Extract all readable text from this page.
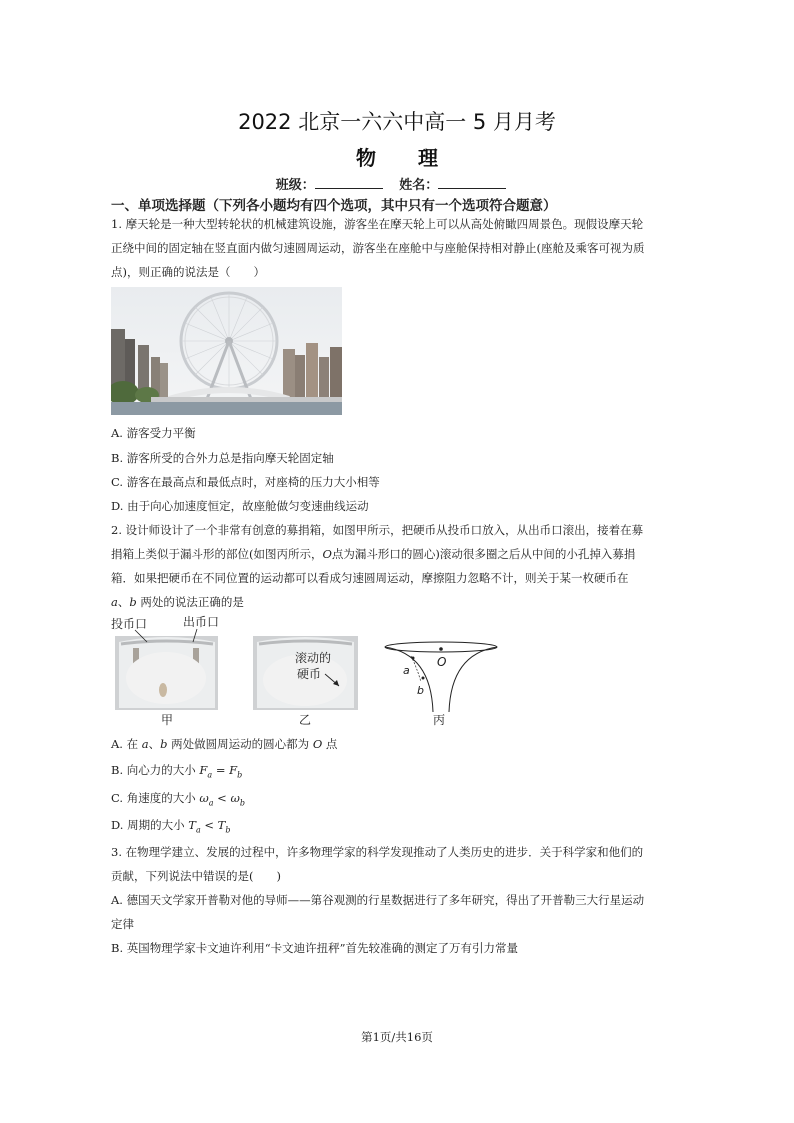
2022 北京一六六中高一 5 月月考
物 理
班级：	姓名：
一、单项选择题（下列各小题均有四个选项，其中只有一个选项符合题意）
1. 摩天轮是一种大型转轮状的机械建筑设施，游客坐在摩天轮上可以从高处俯瞰四周景色。现假设摩天轮
正绕中间的固定轴在竖直面内做匀速圆周运动，游客坐在座舱中与座舱保持相对静止(座舱及乘客可视为质
点)，则正确的说法是（　　）
A. 游客受力平衡
B. 游客所受的合外力总是指向摩天轮固定轴
C. 游客在最高点和最低点时，对座椅的压力大小相等
D. 由于向心加速度恒定，故座舱做匀变速曲线运动
2. 设计师设计了一个非常有创意的募捐箱，如图甲所示，把硬币从投币口放入，从出币口滚出，接着在募
捐箱上类似于漏斗形的部位(如图丙所示，O点为漏斗形口的圆心)滚动很多圈之后从中间的小孔掉入募捐
箱．如果把硬币在不同位置的运动都可以看成匀速圆周运动，摩擦阻力忽略不计，则关于某一枚硬币在
a、b 两处的说法正确的是
投币口	出币口
甲
滚动的
硬币
乙
O
a
b
丙
A. 在 a、b 两处做圆周运动的圆心都为 O 点
B. 向心力的大小 $F_a = F_b$
C. 角速度的大小 $\omega_a < \omega_b$
D. 周期的大小 $T_a < T_b$
3. 在物理学建立、发展的过程中，许多物理学家的科学发现推动了人类历史的进步．关于科学家和他们的
贡献，下列说法中错误的是(　　)
A. 德国天文学家开普勒对他的导师——第谷观测的行星数据进行了多年研究，得出了开普勒三大行星运动
定律
B. 英国物理学家卡文迪许利用“卡文迪许扭秤”首先较准确的测定了万有引力常量
第1页/共16页
